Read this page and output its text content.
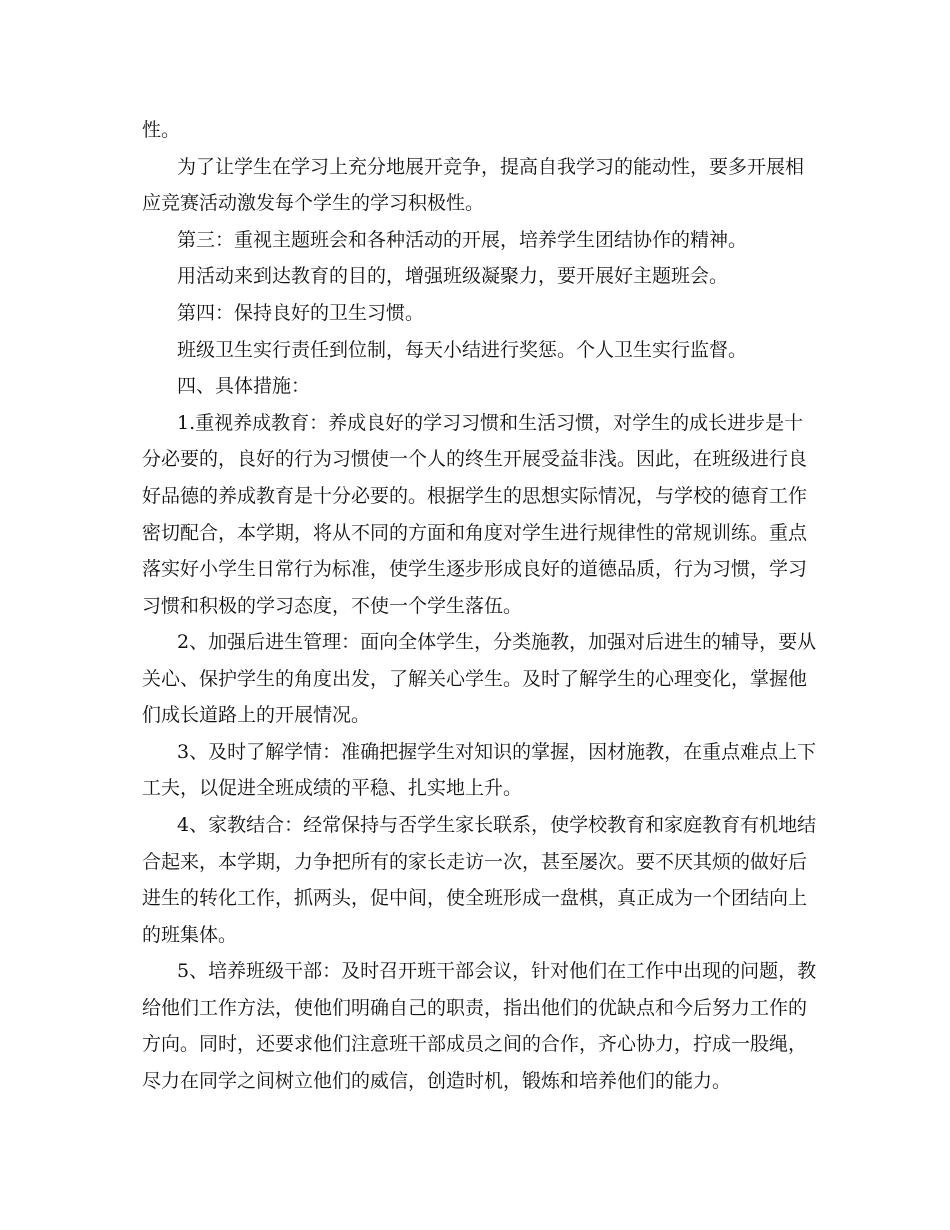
性。

为了让学生在学习上充分地展开竞争，提高自我学习的能动性，要多开展相

应竞赛活动激发每个学生的学习积极性。

第三：重视主题班会和各种活动的开展，培养学生团结协作的精神。

用活动来到达教育的目的，增强班级凝聚力，要开展好主题班会。

第四：保持良好的卫生习惯。

班级卫生实行责任到位制，每天小结进行奖惩。个人卫生实行监督。

四、具体措施：

1.重视养成教育：养成良好的学习习惯和生活习惯，对学生的成长进步是十

分必要的，良好的行为习惯使一个人的终生开展受益非浅。因此，在班级进行良

好品德的养成教育是十分必要的。根据学生的思想实际情况，与学校的德育工作

密切配合，本学期，将从不同的方面和角度对学生进行规律性的常规训练。重点

落实好小学生日常行为标准，使学生逐步形成良好的道德品质，行为习惯，学习

习惯和积极的学习态度，不使一个学生落伍。

2、加强后进生管理：面向全体学生，分类施教，加强对后进生的辅导，要从

关心、保护学生的角度出发，了解关心学生。及时了解学生的心理变化，掌握他

们成长道路上的开展情况。

3、及时了解学情：准确把握学生对知识的掌握，因材施教，在重点难点上下

工夫，以促进全班成绩的平稳、扎实地上升。

4、家教结合：经常保持与否学生家长联系，使学校教育和家庭教育有机地结

合起来，本学期，力争把所有的家长走访一次，甚至屡次。要不厌其烦的做好后

进生的转化工作，抓两头，促中间，使全班形成一盘棋，真正成为一个团结向上

的班集体。

5、培养班级干部：及时召开班干部会议，针对他们在工作中出现的问题，教

给他们工作方法，使他们明确自己的职责，指出他们的优缺点和今后努力工作的

方向。同时，还要求他们注意班干部成员之间的合作，齐心协力，拧成一股绳，

尽力在同学之间树立他们的威信，创造时机，锻炼和培养他们的能力。
